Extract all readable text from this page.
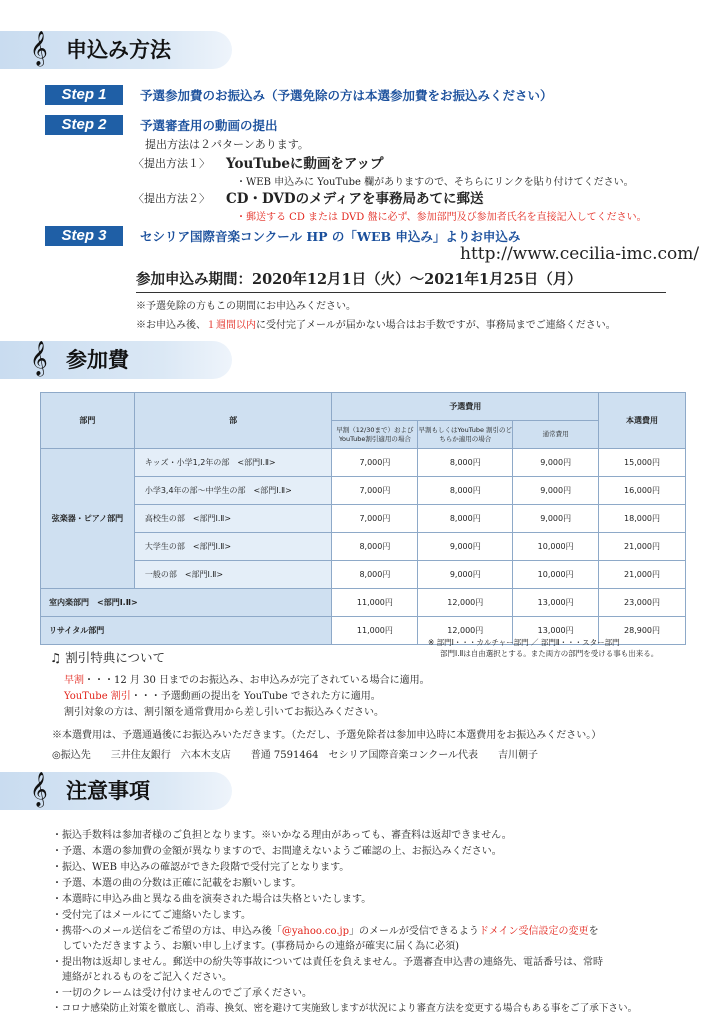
𝄞 申込み方法
Step 1	予選参加費のお振込み（予選免除の方は本選参加費をお振込みください）
Step 2	予選審査用の動画の提出
提出方法は２パターンあります。
〈提出方法１〉 YouTubeに動画をアップ
・WEB 申込みに YouTube 欄がありますので、そちらにリンクを貼り付けてください。
〈提出方法２〉 CD・DVDのメディアを事務局あてに郵送
・郵送する CD または DVD 盤に必ず、参加部門及び参加者氏名を直接記入してください。
Step 3	セシリア国際音楽コンクール HP の「WEB 申込み」よりお申込み
http://www.cecilia-imc.com/
参加申込み期間：2020年12月1日（火）～2021年1月25日（月）
※予選免除の方もこの期間にお申込みください。
※お申込み後、１週間以内に受付完了メールが届かない場合はお手数ですが、事務局までご連絡ください。
𝄞 参加費
部門	部	予選費用			本選費用
		早割（12/30まで）および YouTube割引適用の場合	早割もしくはYouTube 割引のどちらか適用の場合	通常費用	
弦楽器・ピアノ部門	キッズ・小学1,2年の部　<部門Ⅰ.Ⅱ>	7,000円	8,000円	9,000円	15,000円
	小学3,4年の部〜中学生の部　<部門Ⅰ.Ⅱ>	7,000円	8,000円	9,000円	16,000円
	高校生の部　<部門Ⅰ.Ⅱ>	7,000円	8,000円	9,000円	18,000円
	大学生の部　<部門Ⅰ.Ⅱ>	8,000円	9,000円	10,000円	21,000円
	一般の部　<部門Ⅰ.Ⅱ>	8,000円	9,000円	10,000円	21,000円
室内楽部門　<部門Ⅰ.Ⅱ>		11,000円	12,000円	13,000円	23,000円
リサイタル部門		11,000円	12,000円	13,000円	28,900円
※ 部門Ⅰ・・・カルチャー部門 ／ 部門Ⅱ・・・スター部門
部門Ⅰ.Ⅱは自由選択とする。また両方の部門を受ける事も出来る。
♫ 割引特典について
早割・・・12 月 30 日までのお振込み、お申込みが完了されている場合に適用。
YouTube 割引・・・予選動画の提出を YouTube でされた方に適用。
割引対象の方は、割引額を通常費用から差し引いてお振込みください。
※本選費用は、予選通過後にお振込みいただきます。（ただし、予選免除者は参加申込時に本選費用をお振込みください。）
◎振込先　　三井住友銀行　六本木支店　　普通 7591464　セシリア国際音楽コンクール代表　　吉川朝子
𝄞 注意事項
・振込手数料は参加者様のご負担となります。※いかなる理由があっても、審査料は返却できません。
・予選、本選の参加費の金額が異なりますので、お間違えないようご確認の上、お振込みください。
・振込、WEB 申込みの確認ができた段階で受付完了となります。
・予選、本選の曲の分数は正確に記載をお願いします。
・本選時に申込み曲と異なる曲を演奏された場合は失格といたします。
・受付完了はメールにてご連絡いたします。
・携帯へのメール送信をご希望の方は、申込み後「@yahoo.co.jp」のメールが受信できるようドメイン受信設定の変更を
していただきますよう、お願い申し上げます。(事務局からの連絡が確実に届く為に必須)
・提出物は返却しません。郵送中の紛失等事故については責任を負えません。予選審査申込書の連絡先、電話番号は、常時
連絡がとれるものをご記入ください。
・一切のクレームは受け付けませんのでご了承ください。
・コロナ感染防止対策を徹底し、消毒、換気、密を避けて実施致しますが状況により審査方法を変更する場合もある事をご了承下さい。
